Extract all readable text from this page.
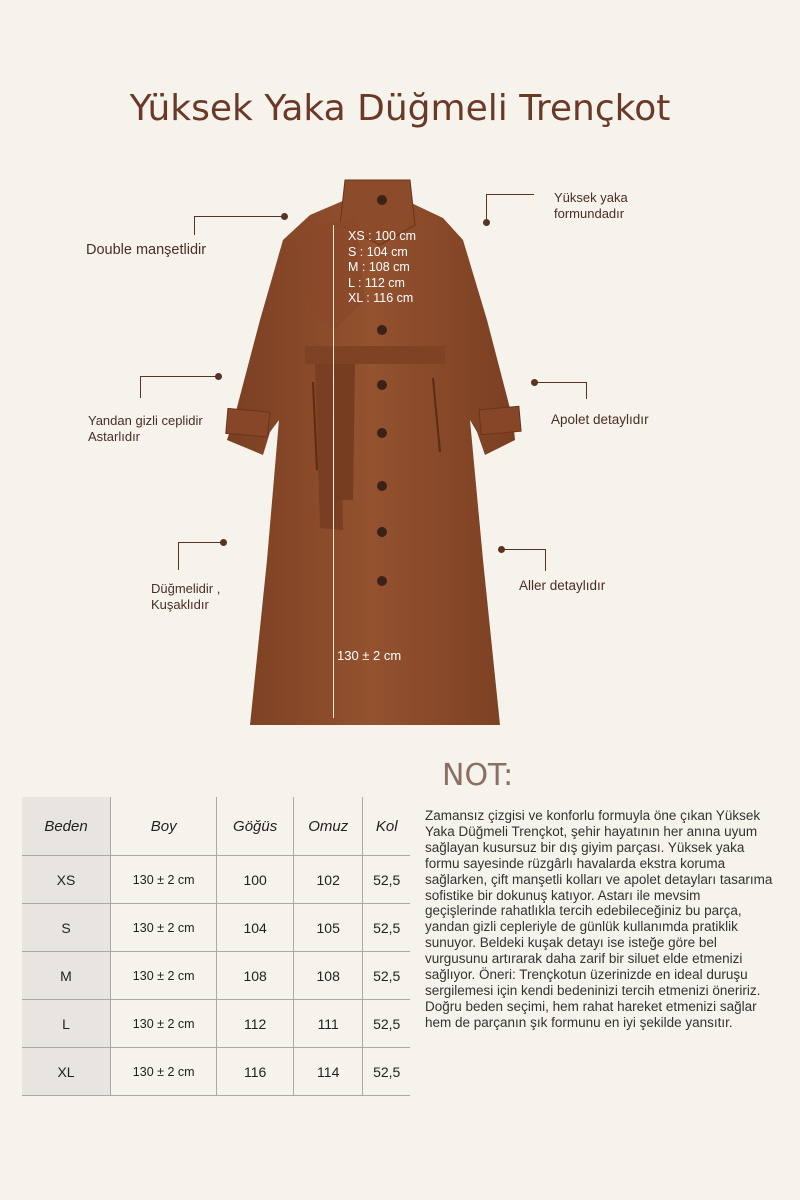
Yüksek Yaka Düğmeli Trençkot
XS : 100 cm
S : 104 cm
M : 108 cm
L : 112 cm
XL : 116 cm
130 ± 2 cm
Double manşetlidir
Yüksek yaka
formundadır
Yandan gizli ceplidir
Astarlıdır
Apolet detaylıdır
Düğmelidir ,
Kuşaklıdır
Aller detaylıdır
Beden	Boy	Göğüs	Omuz	Kol
XS	130 ± 2 cm	100	102	52,5
S	130 ± 2 cm	104	105	52,5
M	130 ± 2 cm	108	108	52,5
L	130 ± 2 cm	112	111	52,5
XL	130 ± 2 cm	116	114	52,5
NOT:
Zamansız çizgisi ve konforlu formuyla öne çıkan Yüksek Yaka Düğmeli Trençkot, şehir hayatının her anına uyum sağlayan kusursuz bir dış giyim parçası. Yüksek yaka formu sayesinde rüzgârlı havalarda ekstra koruma sağlarken, çift manşetli kolları ve apolet detayları tasarıma sofistike bir dokunuş katıyor. Astarı ile mevsim geçişlerinde rahatlıkla tercih edebileceğiniz bu parça, yandan gizli cepleriyle de günlük kullanımda pratiklik sunuyor. Beldeki kuşak detayı ise isteğe göre bel vurgusunu artırarak daha zarif bir siluet elde etmenizi sağlıyor. Öneri: Trençkotun üzerinizde en ideal duruşu sergilemesi için kendi bedeninizi tercih etmenizi öneririz. Doğru beden seçimi, hem rahat hareket etmenizi sağlar hem de parçanın şık formunu en iyi şekilde yansıtır.
